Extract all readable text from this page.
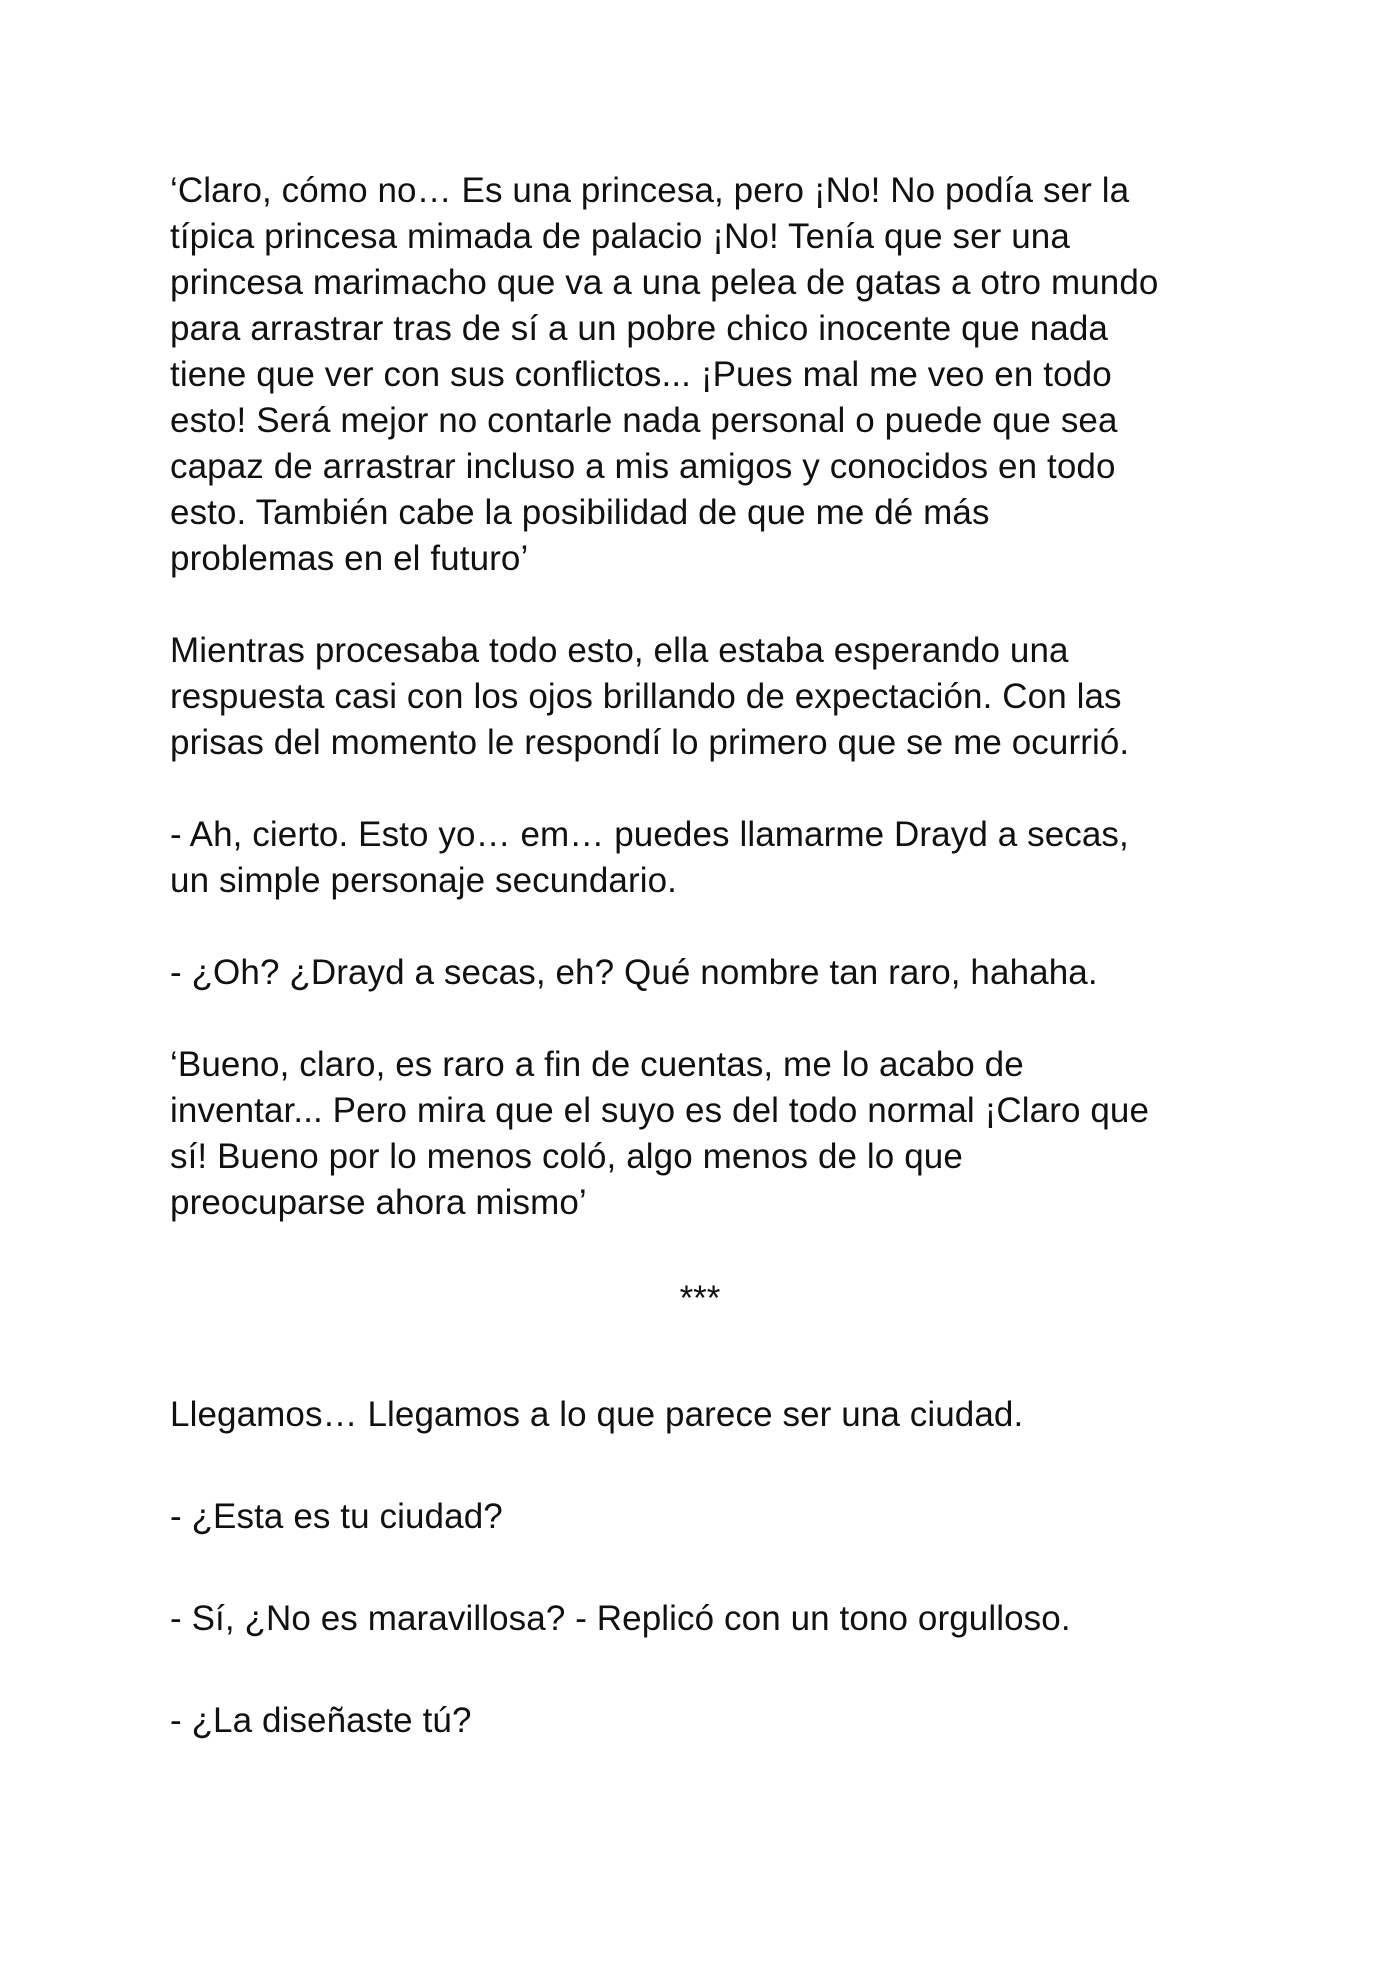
‘Claro, cómo no… Es una princesa, pero ¡No! No podía ser la
típica princesa mimada de palacio ¡No! Tenía que ser una
princesa marimacho que va a una pelea de gatas a otro mundo
para arrastrar tras de sí a un pobre chico inocente que nada
tiene que ver con sus conflictos... ¡Pues mal me veo en todo
esto! Será mejor no contarle nada personal o puede que sea
capaz de arrastrar incluso a mis amigos y conocidos en todo
esto. También cabe la posibilidad de que me dé más
problemas en el futuro’
Mientras procesaba todo esto, ella estaba esperando una
respuesta casi con los ojos brillando de expectación. Con las
prisas del momento le respondí lo primero que se me ocurrió.
- Ah, cierto. Esto yo… em… puedes llamarme Drayd a secas,
un simple personaje secundario.
- ¿Oh? ¿Drayd a secas, eh? Qué nombre tan raro, hahaha.
‘Bueno, claro, es raro a fin de cuentas, me lo acabo de
inventar... Pero mira que el suyo es del todo normal ¡Claro que
sí! Bueno por lo menos coló, algo menos de lo que
preocuparse ahora mismo’
***
Llegamos… Llegamos a lo que parece ser una ciudad.
- ¿Esta es tu ciudad?
- Sí, ¿No es maravillosa? - Replicó con un tono orgulloso.
- ¿La diseñaste tú?
